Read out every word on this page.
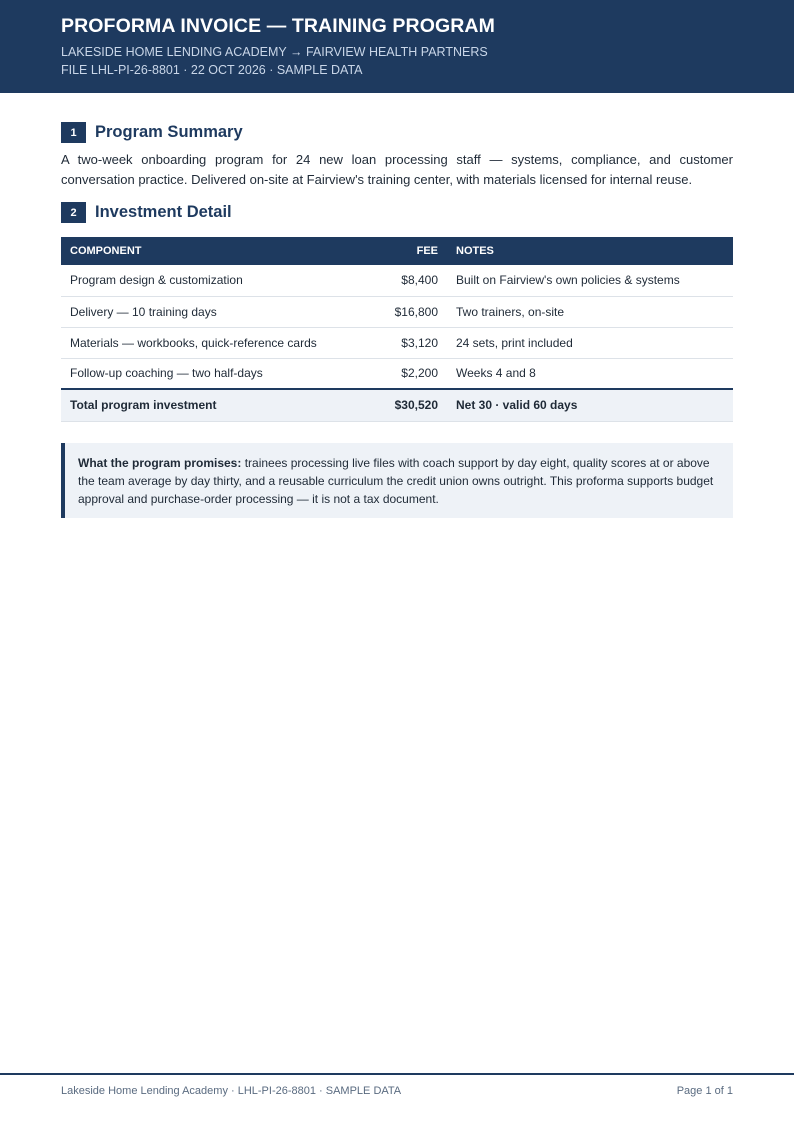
PROFORMA INVOICE — TRAINING PROGRAM
LAKESIDE HOME LENDING ACADEMY → FAIRVIEW HEALTH PARTNERS
FILE LHL-PI-26-8801 · 22 OCT 2026 · SAMPLE DATA
1	Program Summary

A two-week onboarding program for 24 new loan processing staff — systems, compliance, and customer conversation practice. Delivered on-site at Fairview's training center, with materials licensed for internal reuse.

2	Investment Detail
COMPONENT	FEE	NOTES
Program design & customization	$8,400	Built on Fairview's own policies & systems
Delivery — 10 training days	$16,800	Two trainers, on-site
Materials — workbooks, quick-reference cards	$3,120	24 sets, print included
Follow-up coaching — two half-days	$2,200	Weeks 4 and 8
Total program investment	$30,520	Net 30 · valid 60 days
What the program promises: trainees processing live files with coach support by day eight, quality scores at or above the team average by day thirty, and a reusable curriculum the credit union owns outright. This proforma supports budget approval and purchase-order processing — it is not a tax document.
Lakeside Home Lending Academy · LHL-PI-26-8801 · SAMPLE DATA	Page 1 of 1
